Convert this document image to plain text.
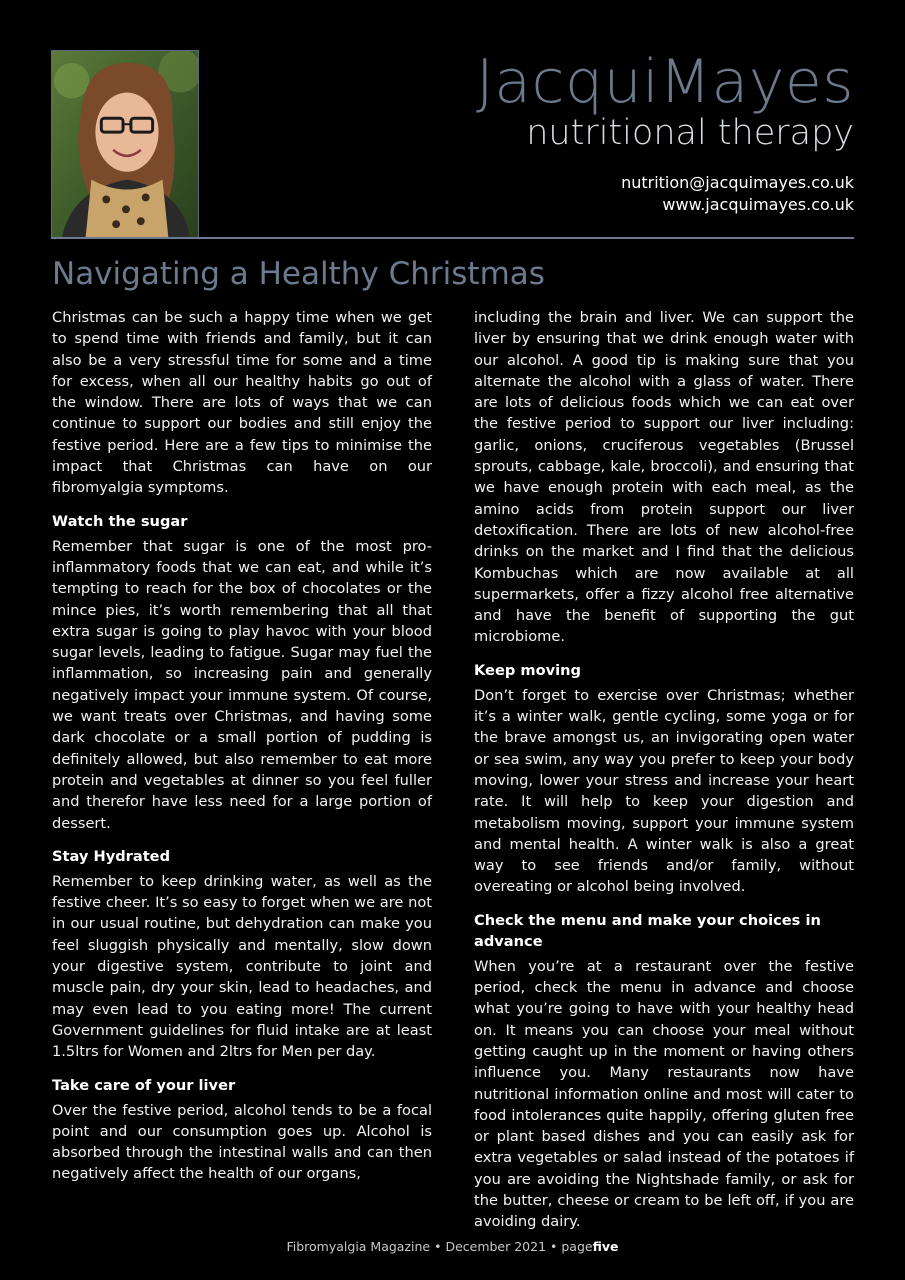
JacquiMayes
nutritional therapy
nutrition@jacquimayes.co.uk
www.jacquimayes.co.uk
Navigating a Healthy Christmas

Christmas can be such a happy time when we get to spend time with friends and family, but it can also be a very stressful time for some and a time for excess, when all our healthy habits go out of the window. There are lots of ways that we can continue to support our bodies and still enjoy the festive period. Here are a few tips to minimise the impact that Christmas can have on our fibromyalgia symptoms.

Watch the sugar

Remember that sugar is one of the most pro-inflammatory foods that we can eat, and while it’s tempting to reach for the box of chocolates or the mince pies, it’s worth remembering that all that extra sugar is going to play havoc with your blood sugar levels, leading to fatigue. Sugar may fuel the inflammation, so increasing pain and generally negatively impact your immune system. Of course, we want treats over Christmas, and having some dark chocolate or a small portion of pudding is definitely allowed, but also remember to eat more protein and vegetables at dinner so you feel fuller and therefor have less need for a large portion of dessert.

Stay Hydrated

Remember to keep drinking water, as well as the festive cheer. It’s so easy to forget when we are not in our usual routine, but dehydration can make you feel sluggish physically and mentally, slow down your digestive system, contribute to joint and muscle pain, dry your skin, lead to headaches, and may even lead to you eating more! The current Government guidelines for fluid intake are at least 1.5ltrs for Women and 2ltrs for Men per day.

Take care of your liver

Over the festive period, alcohol tends to be a focal point and our consumption goes up. Alcohol is absorbed through the intestinal walls and can then negatively affect the health of our organs,

including the brain and liver. We can support the liver by ensuring that we drink enough water with our alcohol. A good tip is making sure that you alternate the alcohol with a glass of water. There are lots of delicious foods which we can eat over the festive period to support our liver including: garlic, onions, cruciferous vegetables (Brussel sprouts, cabbage, kale, broccoli), and ensuring that we have enough protein with each meal, as the amino acids from protein support our liver detoxification. There are lots of new alcohol-free drinks on the market and I find that the delicious Kombuchas which are now available at all supermarkets, offer a fizzy alcohol free alternative and have the benefit of supporting the gut microbiome.

Keep moving

Don’t forget to exercise over Christmas; whether it’s a winter walk, gentle cycling, some yoga or for the brave amongst us, an invigorating open water or sea swim, any way you prefer to keep your body moving, lower your stress and increase your heart rate. It will help to keep your digestion and metabolism moving, support your immune system and mental health. A winter walk is also a great way to see friends and/or family, without overeating or alcohol being involved.

Check the menu and make your choices in advance

When you’re at a restaurant over the festive period, check the menu in advance and choose what you’re going to have with your healthy head on. It means you can choose your meal without getting caught up in the moment or having others influence you. Many restaurants now have nutritional information online and most will cater to food intolerances quite happily, offering gluten free or plant based dishes and you can easily ask for extra vegetables or salad instead of the potatoes if you are avoiding the Nightshade family, or ask for the butter, cheese or cream to be left off, if you are avoiding dairy.

Fibromyalgia Magazine • December 2021 • pagefive
